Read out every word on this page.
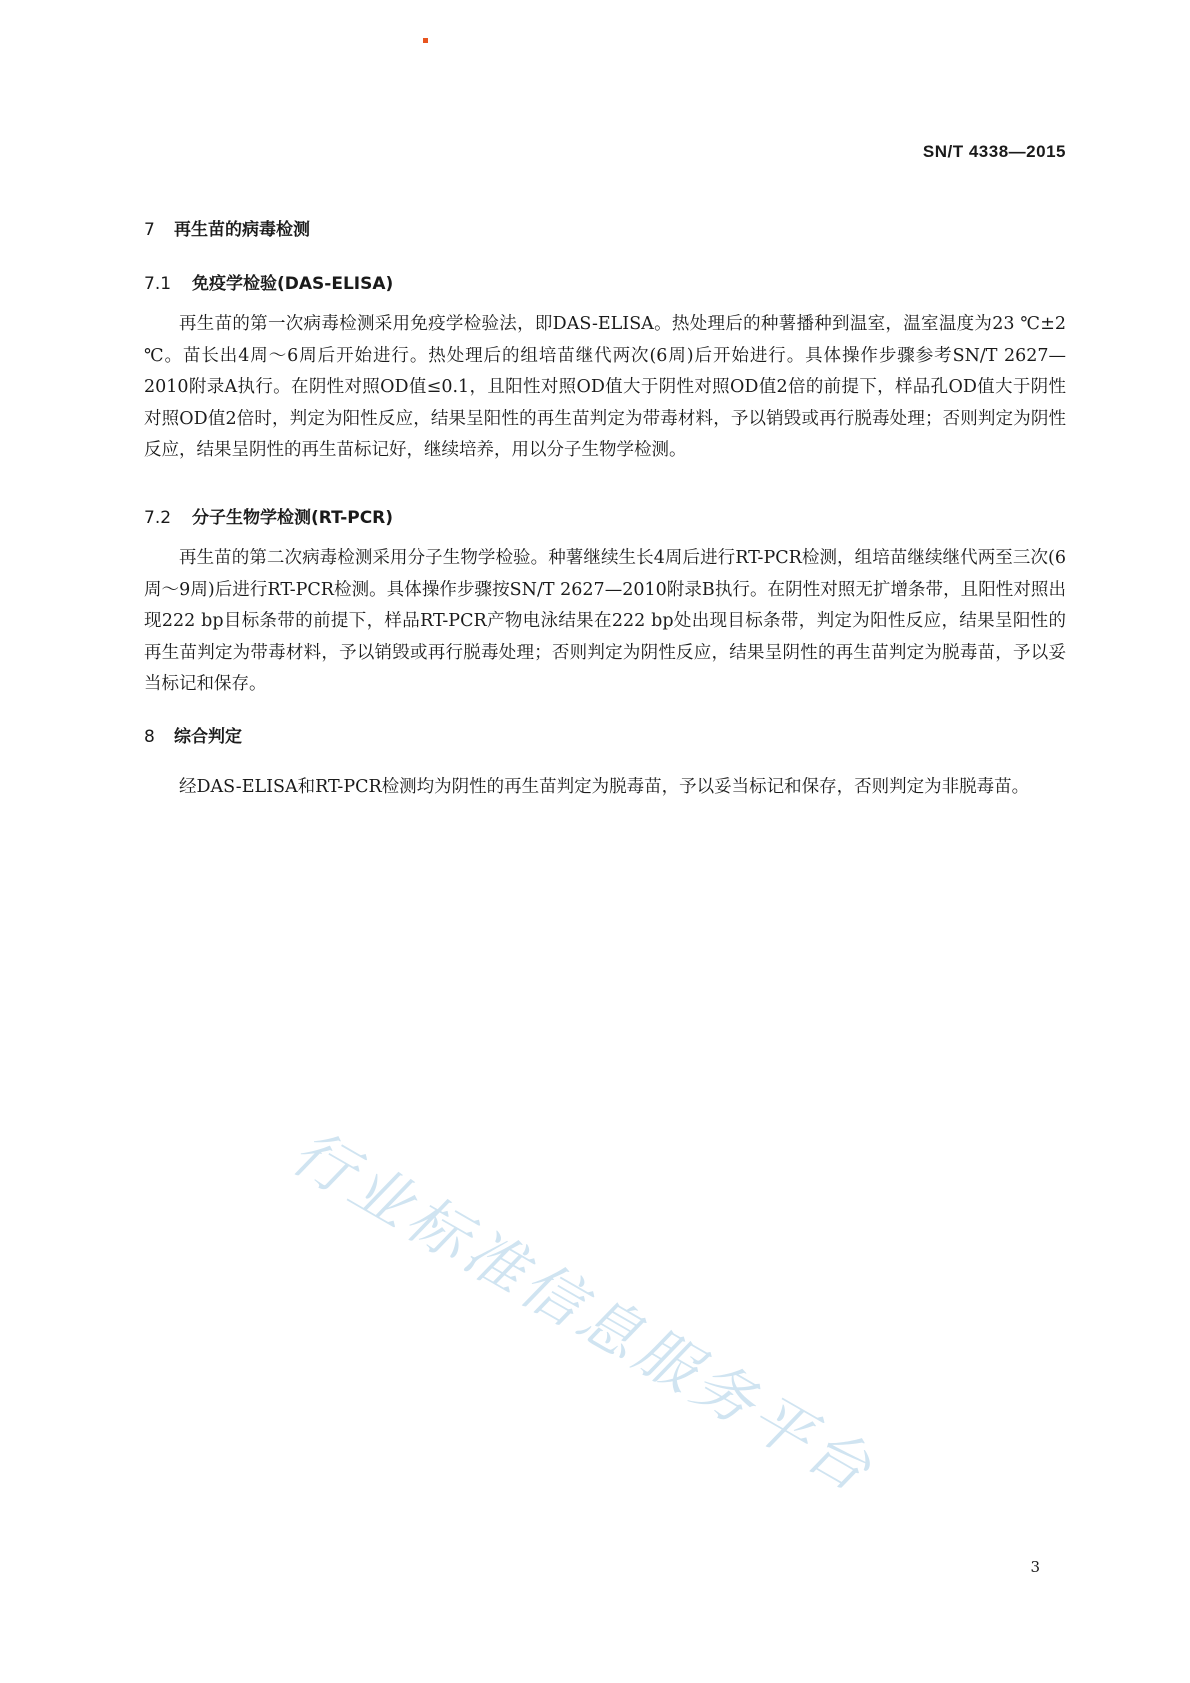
SN/T 4338—2015
7 再生苗的病毒检测
7.1 免疫学检验(DAS-ELISA)

再生苗的第一次病毒检测采用免疫学检验法，即DAS-ELISA。热处理后的种薯播种到温室，温室温度为23 ℃±2 ℃。苗长出4周～6周后开始进行。热处理后的组培苗继代两次(6周)后开始进行。具体操作步骤参考SN/T 2627—2010附录A执行。在阴性对照OD值≤0.1，且阳性对照OD值大于阴性对照OD值2倍的前提下，样品孔OD值大于阴性对照OD值2倍时，判定为阳性反应，结果呈阳性的再生苗判定为带毒材料，予以销毁或再行脱毒处理；否则判定为阴性反应，结果呈阴性的再生苗标记好，继续培养，用以分子生物学检测。

7.2 分子生物学检测(RT-PCR)

再生苗的第二次病毒检测采用分子生物学检验。种薯继续生长4周后进行RT-PCR检测，组培苗继续继代两至三次(6周～9周)后进行RT-PCR检测。具体操作步骤按SN/T 2627—2010附录B执行。在阴性对照无扩增条带，且阳性对照出现222 bp目标条带的前提下，样品RT-PCR产物电泳结果在222 bp处出现目标条带，判定为阳性反应，结果呈阳性的再生苗判定为带毒材料，予以销毁或再行脱毒处理；否则判定为阴性反应，结果呈阴性的再生苗判定为脱毒苗，予以妥当标记和保存。

8 综合判定

经DAS-ELISA和RT-PCR检测均为阴性的再生苗判定为脱毒苗，予以妥当标记和保存，否则判定为非脱毒苗。

行业标准信息服务平台
3
